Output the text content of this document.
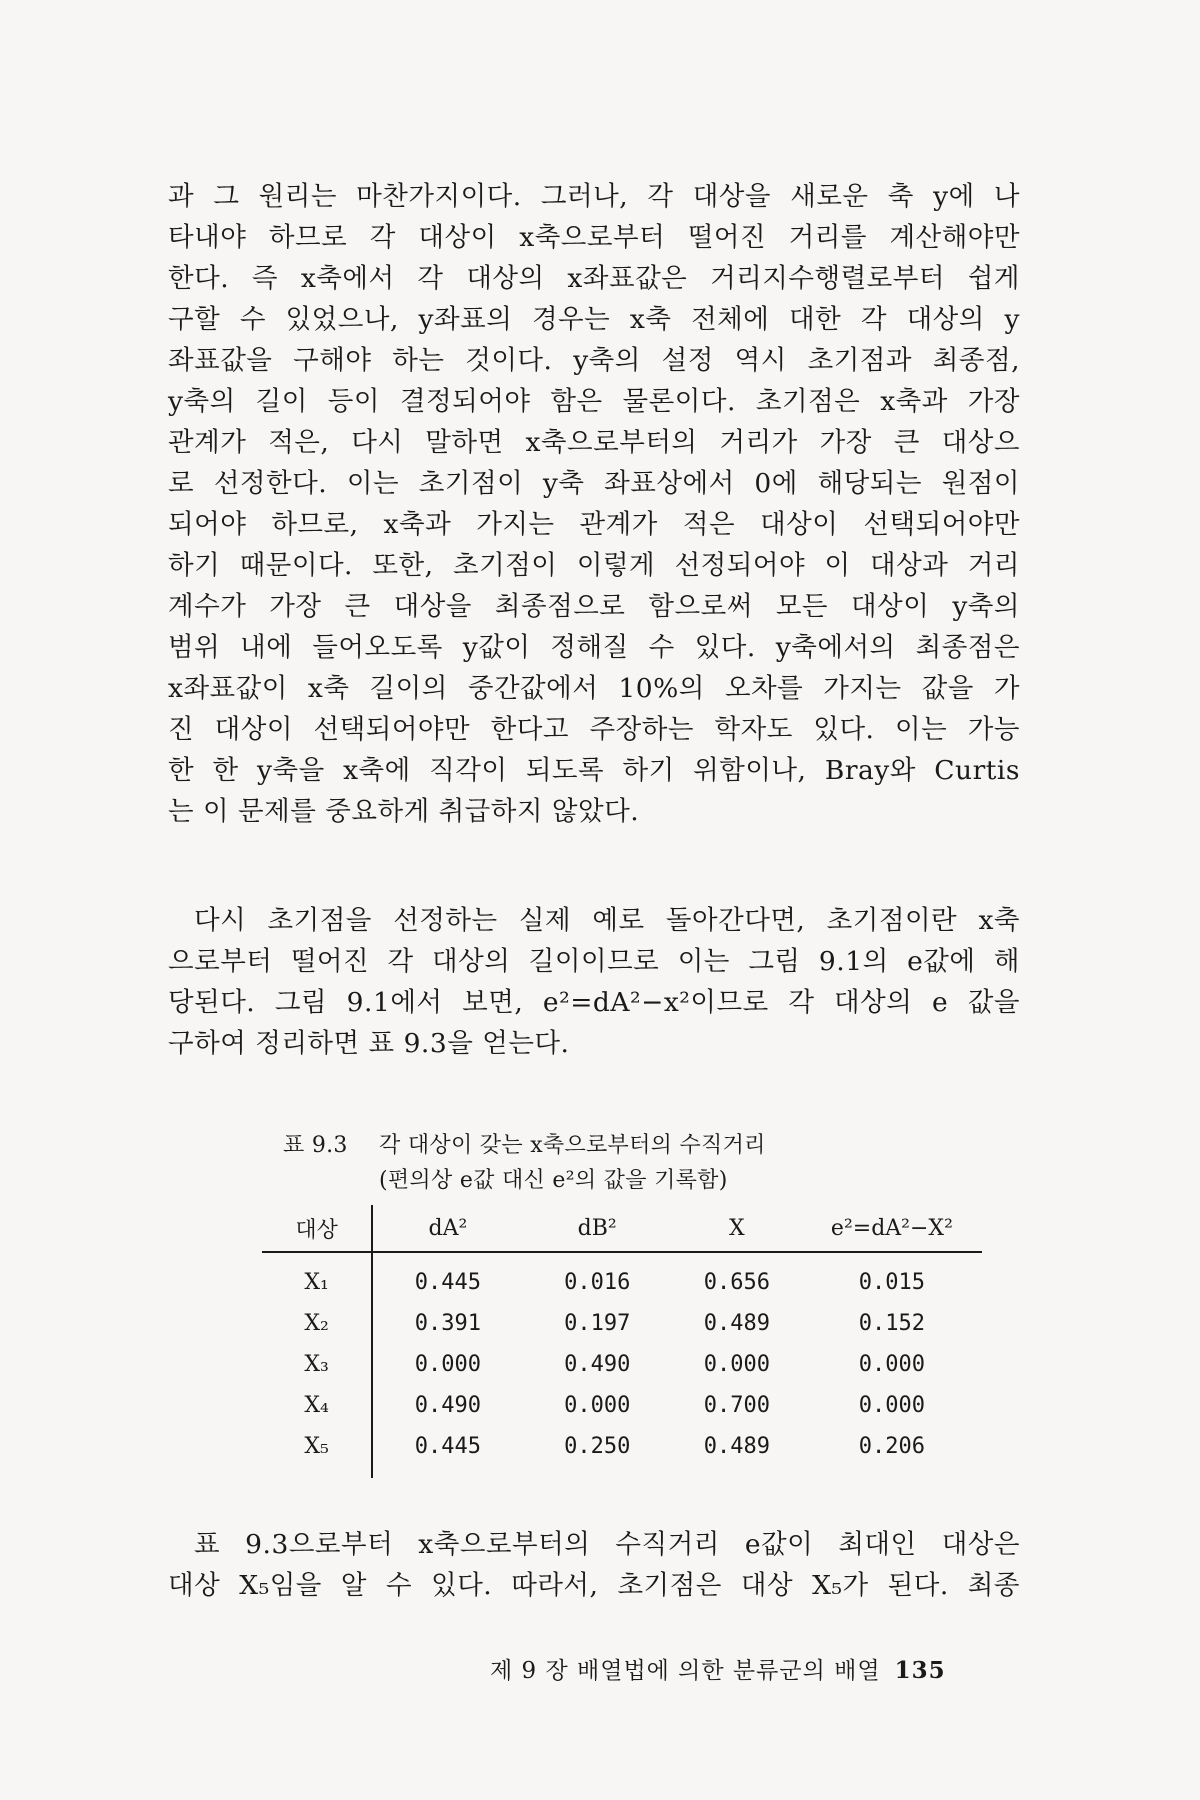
과 그 원리는 마찬가지이다. 그러나, 각 대상을 새로운 축 y에 나
타내야 하므로 각 대상이 x축으로부터 떨어진 거리를 계산해야만
한다. 즉 x축에서 각 대상의 x좌표값은 거리지수행렬로부터 쉽게
구할 수 있었으나, y좌표의 경우는 x축 전체에 대한 각 대상의 y
좌표값을 구해야 하는 것이다. y축의 설정 역시 초기점과 최종점,
y축의 길이 등이 결정되어야 함은 물론이다. 초기점은 x축과 가장
관계가 적은, 다시 말하면 x축으로부터의 거리가 가장 큰 대상으
로 선정한다. 이는 초기점이 y축 좌표상에서 0에 해당되는 원점이
되어야 하므로, x축과 가지는 관계가 적은 대상이 선택되어야만
하기 때문이다. 또한, 초기점이 이렇게 선정되어야 이 대상과 거리
계수가 가장 큰 대상을 최종점으로 함으로써 모든 대상이 y축의
범위 내에 들어오도록 y값이 정해질 수 있다. y축에서의 최종점은
x좌표값이 x축 길이의 중간값에서 10%의 오차를 가지는 값을 가
진 대상이 선택되어야만 한다고 주장하는 학자도 있다. 이는 가능
한 한 y축을 x축에 직각이 되도록 하기 위함이나, Bray와 Curtis
는 이 문제를 중요하게 취급하지 않았다.
다시 초기점을 선정하는 실제 예로 돌아간다면, 초기점이란 x축
으로부터 떨어진 각 대상의 길이이므로 이는 그림 9.1의 e값에 해
당된다. 그림 9.1에서 보면, e²=dA²−x²이므로 각 대상의 e 값을
구하여 정리하면 표 9.3을 얻는다.
표 9.3 각 대상이 갖는 x축으로부터의 수직거리
(편의상 e값 대신 e²의 값을 기록함)
대상	dA²	dB²	X	e²=dA²−X²
X₁	0.445	0.016	0.656	0.015
X₂	0.391	0.197	0.489	0.152
X₃	0.000	0.490	0.000	0.000
X₄	0.490	0.000	0.700	0.000
X₅	0.445	0.250	0.489	0.206
표 9.3으로부터 x축으로부터의 수직거리 e값이 최대인 대상은
대상 X₅임을 알 수 있다. 따라서, 초기점은 대상 X₅가 된다. 최종
제 9 장 배열법에 의한 분류군의 배열 135
